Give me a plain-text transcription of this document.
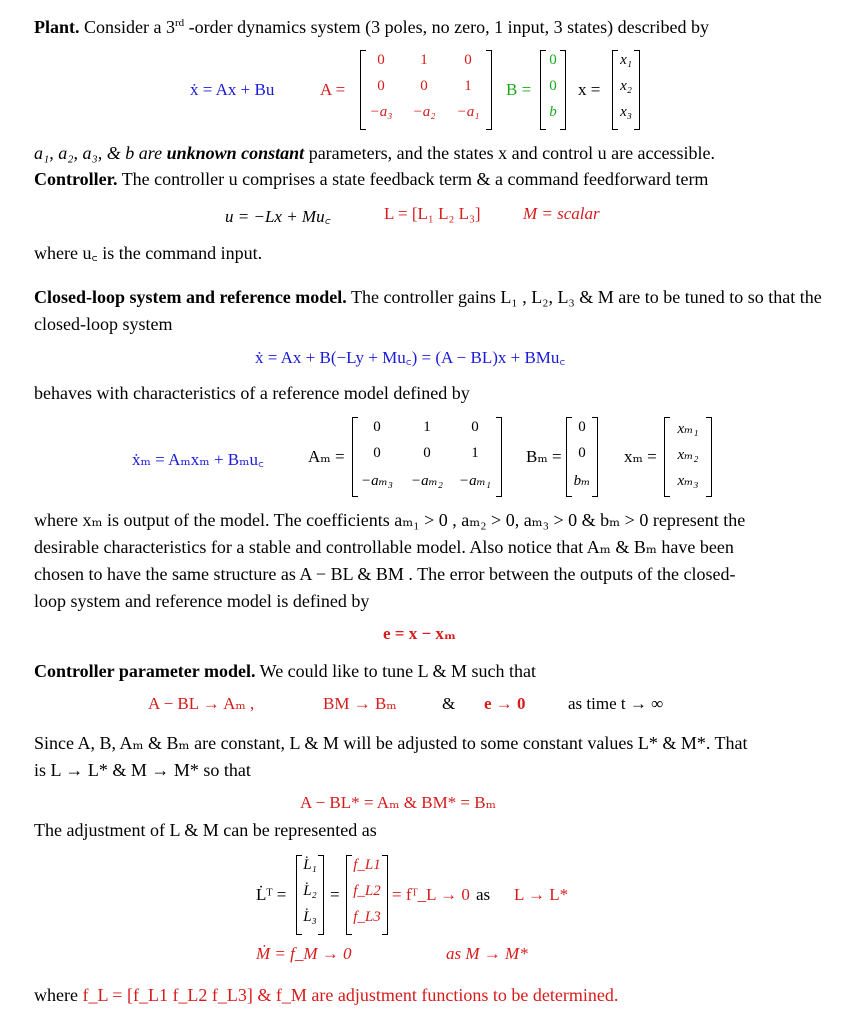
Plant. Consider a 3rd -order dynamics system (3 poles, no zero, 1 input, 3 states) described by
ẋ = Ax + Bu	A =
0	1	0
0	0	1
−a₃ −a₂ −a₁
B =
0
0
b
x =
x₁
x₂
x₃
a₁, a₂, a₃, & b are unknown constant parameters, and the states x and control u are accessible.
Controller. The controller u comprises a state feedback term & a command feedforward term
u = −Lx + Mu꜀	L = [L₁ L₂ L₃] M = scalar
where u꜀ is the command input.
Closed-loop system and reference model. The controller gains L₁ , L₂, L₃ & M are to be tuned to so that the closed-loop system
ẋ = Ax + B(−Ly + Mu꜀) = (A − BL)x + BMu꜀
behaves with characteristics of a reference model defined by
ẋₘ = Aₘxₘ + Bₘu꜀	Aₘ =
0	1	0
0	0	1
−aₘ₃	−aₘ₂	−aₘ₁
Bₘ =
0
0
bₘ
xₘ =
xₘ₁
xₘ₂
xₘ₃
where xₘ is output of the model. The coefficients aₘ₁ > 0 , aₘ₂ > 0, aₘ₃ > 0 & bₘ > 0 represent the
desirable characteristics for a stable and controllable model. Also notice that Aₘ & Bₘ have been
chosen to have the same structure as A − BL & BM . The error between the outputs of the closed-
loop system and reference model is defined by
e = x − xₘ
Controller parameter model. We could like to tune L & M such that
A − BL → Aₘ ,	BM → Bₘ	& e → 0 as time t → ∞
Since A, B, Aₘ & Bₘ are constant, L & M will be adjusted to some constant values L* & M*. That
is L → L* & M → M* so that
A − BL* = Aₘ & BM* = Bₘ
The adjustment of L & M can be represented as
L̇ᵀ =
L̇₁
L̇₂
L̇₃
=
f_L1
f_L2
f_L3
= fᵀ_L → 0 as L → L*
Ṁ = f_M → 0	as M → M*
where f_L = [f_L1 f_L2 f_L3] & f_M are adjustment functions to be determined.
